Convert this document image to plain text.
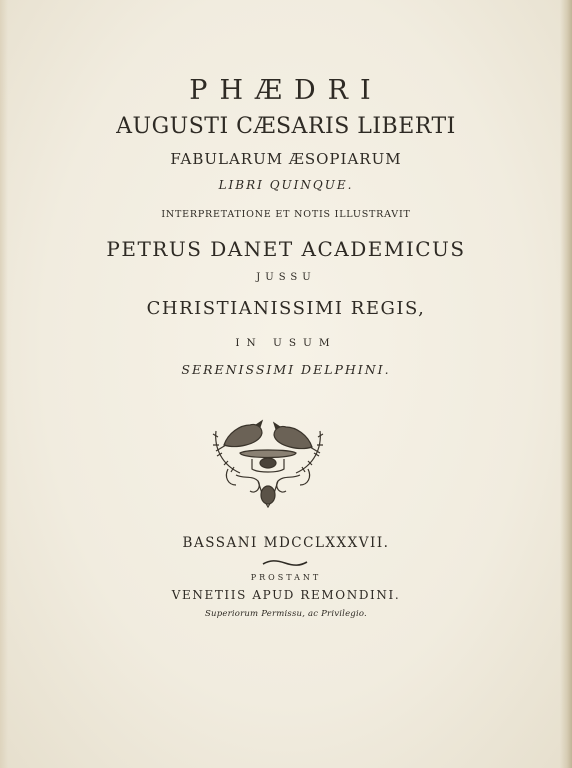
PHÆDRI
AUGUSTI CÆSARIS LIBERTI
FABULARUM ÆSOPIARUM
LIBRI QUINQUE.
INTERPRETATIONE ET NOTIS ILLUSTRAVIT
PETRUS DANET ACADEMICUS
JUSSU
CHRISTIANISSIMI REGIS,
IN USUM
SERENISSIMI DELPHINI.
BASSANI MDCCLXXXVII.
PROSTANT
VENETIIS APUD REMONDINI.
Superiorum Permissu, ac Privilegio.
